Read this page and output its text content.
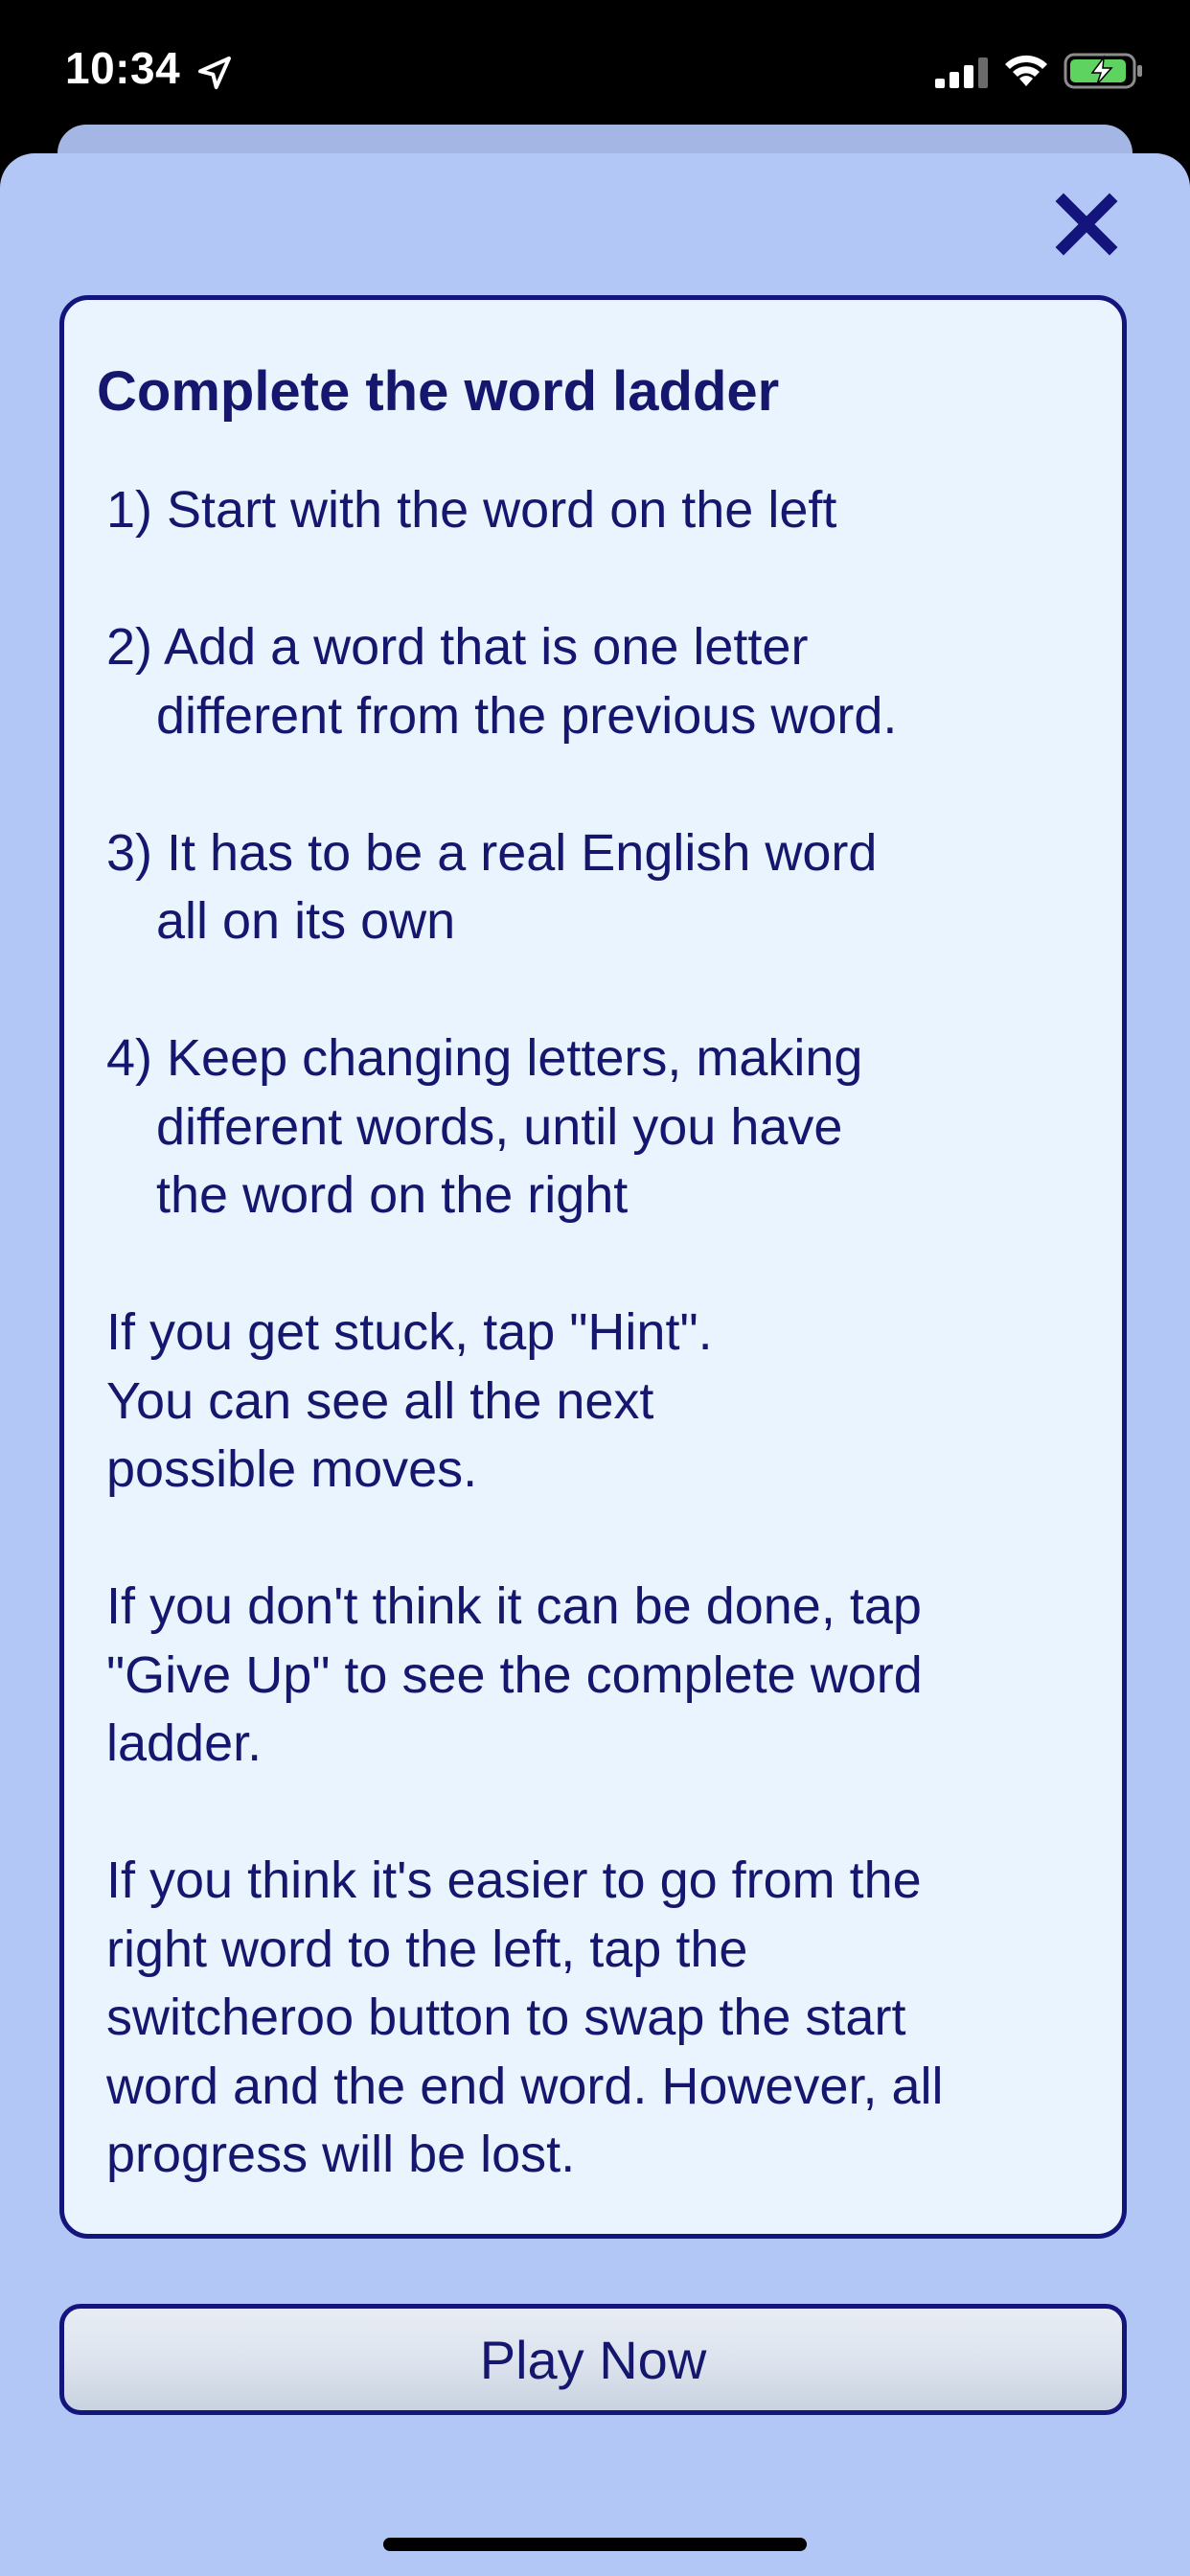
10:34
Complete the word ladder

1) Start with the word on the left

2) Add a word that is one letter
different from the previous word.

3) It has to be a real English word
all on its own

4) Keep changing letters, making
different words, until you have
the word on the right

If you get stuck, tap "Hint".
You can see all the next
possible moves.

If you don't think it can be done, tap
"Give Up" to see the complete word
ladder.

If you think it's easier to go from the
right word to the left, tap the
switcheroo button to swap the start
word and the end word. However, all
progress will be lost.

Play Now
